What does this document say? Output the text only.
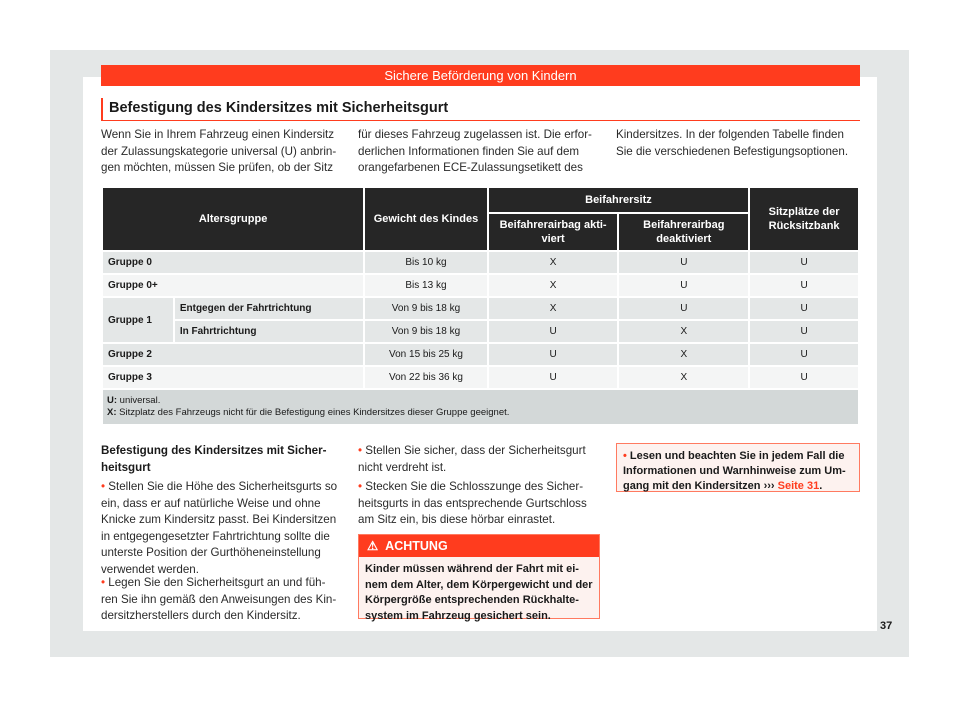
Sichere Beförderung von Kindern
Befestigung des Kindersitzes mit Sicherheitsgurt
Wenn Sie in Ihrem Fahrzeug einen Kindersitz
der Zulassungskategorie universal (U) anbrin-
gen möchten, müssen Sie prüfen, ob der Sitz
für dieses Fahrzeug zugelassen ist. Die erfor-
derlichen Informationen finden Sie auf dem
orangefarbenen ECE-Zulassungsetikett des
Kindersitzes. In der folgenden Tabelle finden
Sie die verschiedenen Befestigungsoptionen.
Altersgruppe		Gewicht des Kindes	Beifahrersitz		Sitzplätze der
Rücksitzbank
			Beifahrerairbag akti-
viert	Beifahrerairbag
deaktiviert	
Gruppe 0		Bis 10 kg	X	U	U
Gruppe 0+		Bis 13 kg	X	U	U
Gruppe 1	Entgegen der Fahrtrichtung	Von 9 bis 18 kg	X	U	U
	In Fahrtrichtung	Von 9 bis 18 kg	U	X	U
Gruppe 2		Von 15 bis 25 kg	U	X	U
Gruppe 3		Von 22 bis 36 kg	U	X	U
U: universal.
X: Sitzplatz des Fahrzeugs nicht für die Befestigung eines Kindersitzes dieser Gruppe geeignet.					
Befestigung des Kindersitzes mit Sicher-
heitsgurt
• Stellen Sie die Höhe des Sicherheitsgurts so
ein, dass er auf natürliche Weise und ohne
Knicke zum Kindersitz passt. Bei Kindersitzen
in entgegengesetzter Fahrtrichtung sollte die
unterste Position der Gurthöheneinstellung
verwendet werden.
• Legen Sie den Sicherheitsgurt an und füh-
ren Sie ihn gemäß den Anweisungen des Kin-
dersitzherstellers durch den Kindersitz.
• Stellen Sie sicher, dass der Sicherheitsgurt
nicht verdreht ist.
• Stecken Sie die Schlosszunge des Sicher-
heitsgurts in das entsprechende Gurtschloss
am Sitz ein, bis diese hörbar einrastet.
⚠ ACHTUNG
Kinder müssen während der Fahrt mit ei-
nem dem Alter, dem Körpergewicht und der
Körpergröße entsprechenden Rückhalte-
system im Fahrzeug gesichert sein.
• Lesen und beachten Sie in jedem Fall die
Informationen und Warnhinweise zum Um-
gang mit den Kindersitzen ››› Seite 31.
37
